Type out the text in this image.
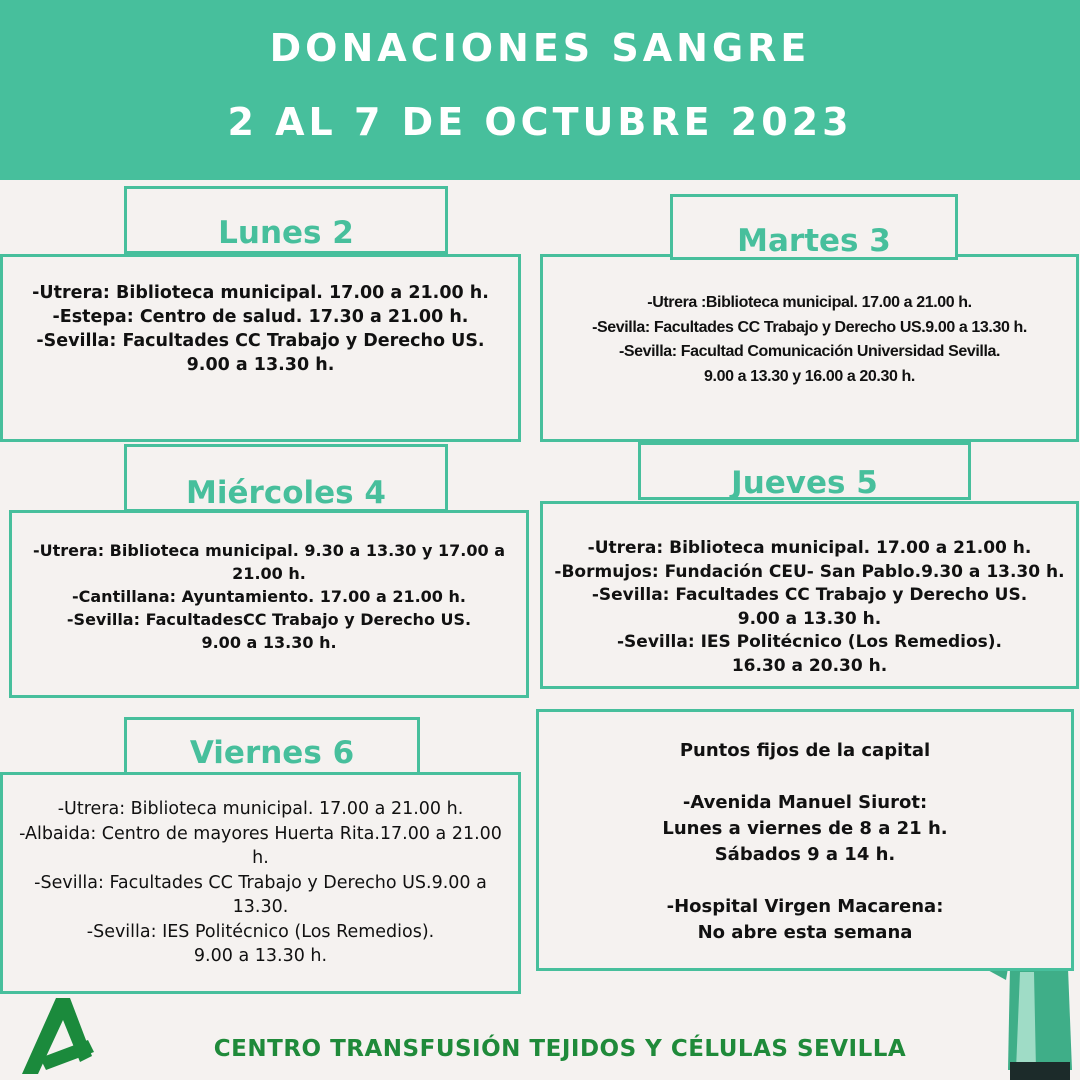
DONACIONES SANGRE
2 AL 7 DE OCTUBRE 2023
Lunes 2
-Utrera: Biblioteca municipal. 17.00 a 21.00 h.
-Estepa: Centro de salud. 17.30 a 21.00 h.
-Sevilla: Facultades CC Trabajo y Derecho US.
9.00 a 13.30 h.
Martes 3
-Utrera :Biblioteca municipal. 17.00 a 21.00 h.
-Sevilla: Facultades CC Trabajo y Derecho US.9.00 a 13.30 h.
-Sevilla: Facultad Comunicación Universidad Sevilla.
9.00 a 13.30 y 16.00 a 20.30 h.
Miércoles 4
-Utrera: Biblioteca municipal. 9.30 a 13.30 y 17.00 a 21.00 h.
-Cantillana: Ayuntamiento. 17.00 a 21.00 h.
-Sevilla: FacultadesCC Trabajo y Derecho US.
9.00 a 13.30 h.
Jueves 5
-Utrera: Biblioteca municipal. 17.00 a 21.00 h.
-Bormujos: Fundación CEU- San Pablo.9.30 a 13.30 h.
-Sevilla: Facultades CC Trabajo y Derecho US.
9.00 a 13.30 h.
-Sevilla: IES Politécnico (Los Remedios).
16.30 a 20.30 h.
Viernes 6
-Utrera: Biblioteca municipal. 17.00 a 21.00 h.
-Albaida: Centro de mayores Huerta Rita.17.00 a 21.00 h.
-Sevilla: Facultades CC Trabajo y Derecho US.9.00 a 13.30.
-Sevilla: IES Politécnico (Los Remedios).
9.00 a 13.30 h.
Puntos fijos de la capital
-Avenida Manuel Siurot:
Lunes a viernes de 8 a 21 h.
Sábados 9 a 14 h.
-Hospital Virgen Macarena:
No abre esta semana
CENTRO TRANSFUSIÓN TEJIDOS Y CÉLULAS SEVILLA
